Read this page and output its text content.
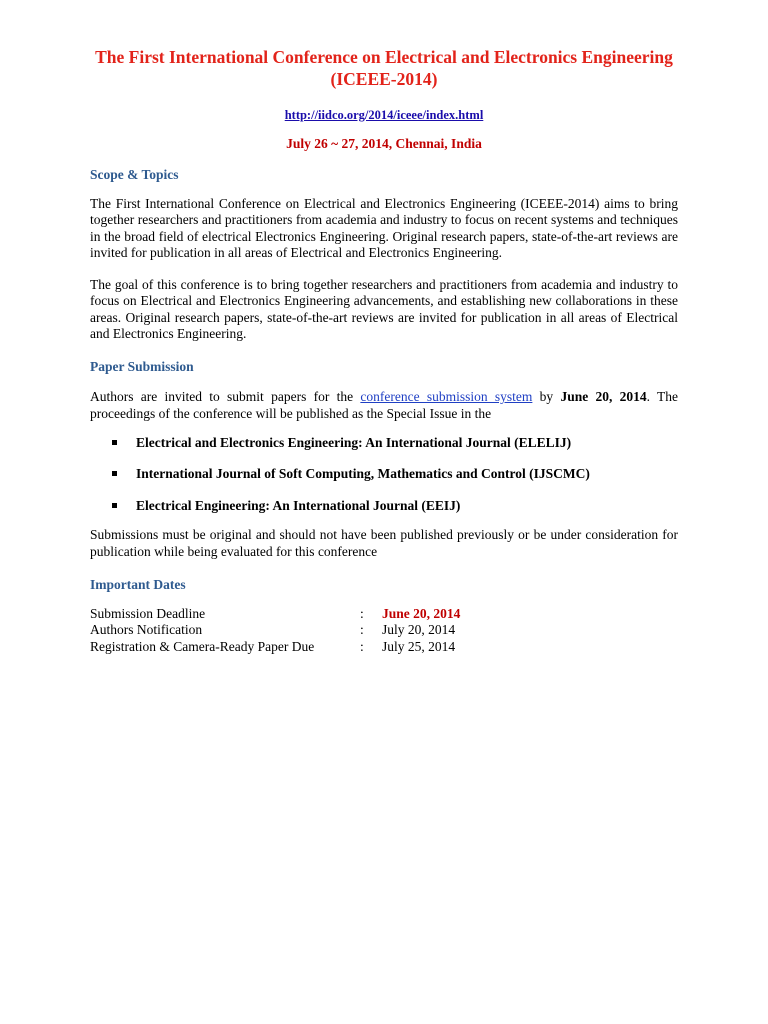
The First International Conference on Electrical and Electronics Engineering
(ICEEE-2014)
http://iidco.org/2014/iceee/index.html
July 26 ~ 27, 2014, Chennai, India
Scope & Topics

The First International Conference on Electrical and Electronics Engineering (ICEEE-2014) aims to bring together researchers and practitioners from academia and industry to focus on recent systems and techniques in the broad field of electrical Electronics Engineering. Original research papers, state-of-the-art reviews are invited for publication in all areas of Electrical and Electronics Engineering.

The goal of this conference is to bring together researchers and practitioners from academia and industry to focus on Electrical and Electronics Engineering advancements, and establishing new collaborations in these areas. Original research papers, state-of-the-art reviews are invited for publication in all areas of Electrical and Electronics Engineering.

Paper Submission

Authors are invited to submit papers for the conference submission system by June 20, 2014. The proceedings of the conference will be published as the Special Issue in the

Electrical and Electronics Engineering: An International Journal (ELELIJ)
International Journal of Soft Computing, Mathematics and Control (IJSCMC)
Electrical Engineering: An International Journal (EEIJ)

Submissions must be original and should not have been published previously or be under consideration for publication while being evaluated for this conference

Important Dates
Submission Deadline	:	June 20, 2014
Authors Notification	:	July 20, 2014
Registration & Camera-Ready Paper Due	:	July 25, 2014
